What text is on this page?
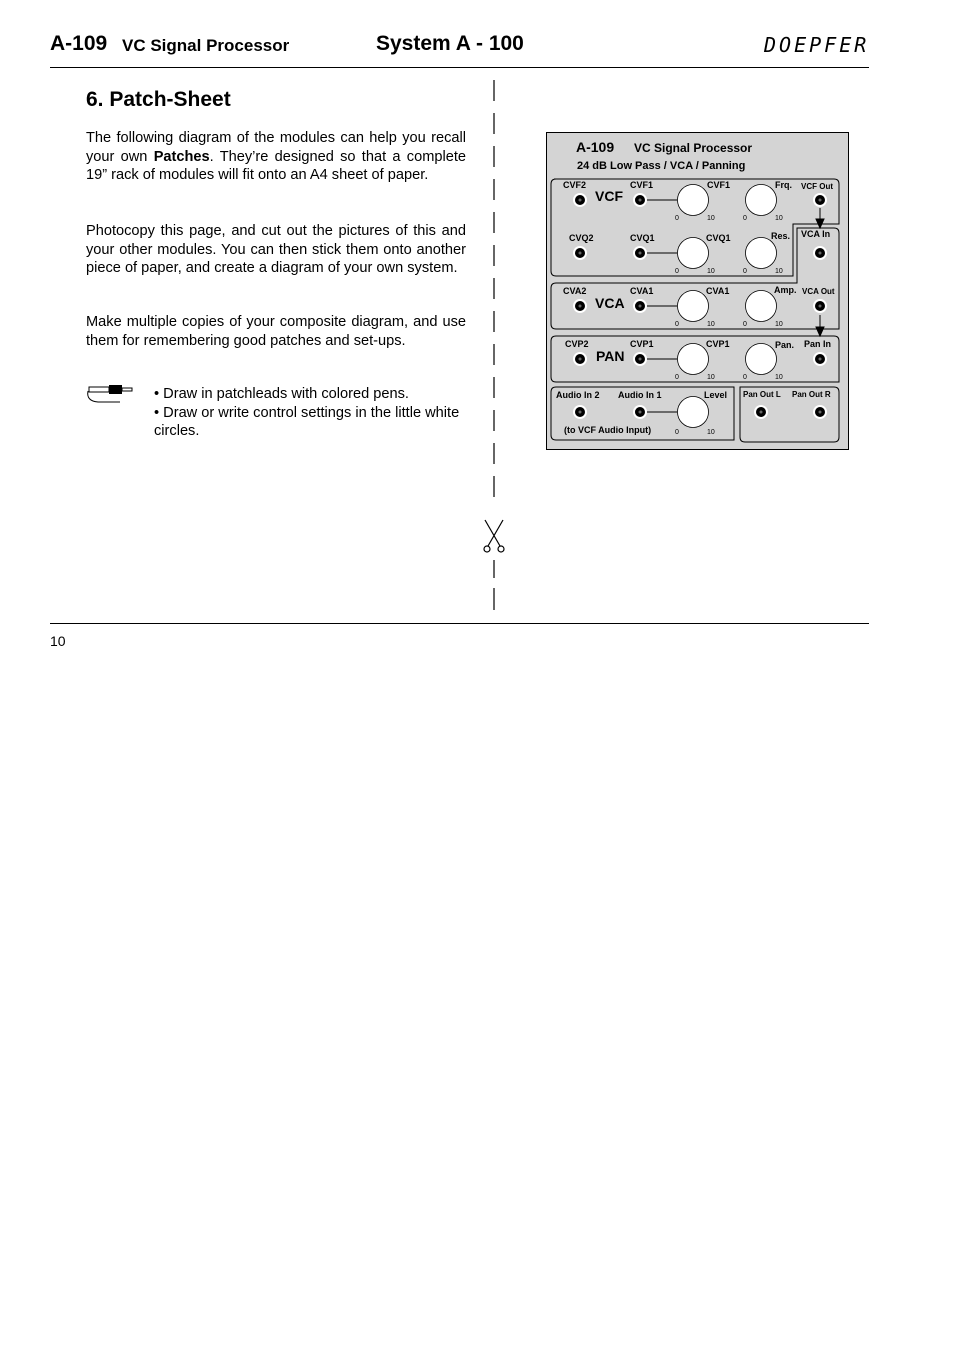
A-109 VC Signal Processor	System A - 100	DOEPFER
6. Patch-Sheet

The following diagram of the modules can help you recall your own Patches. They’re designed so that a complete 19” rack of modules will fit onto an A4 sheet of paper.

Photocopy this page, and cut out the pictures of this and your other modules. You can then stick them onto another piece of paper, and create a diagram of your own system.

Make multiple copies of your composite diagram, and use them for remembering good patches and set-ups.

• Draw in patchleads with colored pens.
• Draw or write control settings in the little white circles.
A-109 VC Signal Processor
24 dB Low Pass / VCA / Panning
CVF2	CVF1	CVF1	Frq. VCF Out
VCF
0	10	0	10
CVQ2	CVQ1	CVQ1	Res. VCA In
0	10	0	10
CVA2	CVA1	CVA1	Amp. VCA Out
VCA
0	10	0	10
CVP2	CVP1	CVP1	Pan. Pan In
PAN
0	10	0	10
Audio In 2 Audio In 1	Level
(to VCF Audio Input)	0	10
Pan Out L Pan Out R
10
